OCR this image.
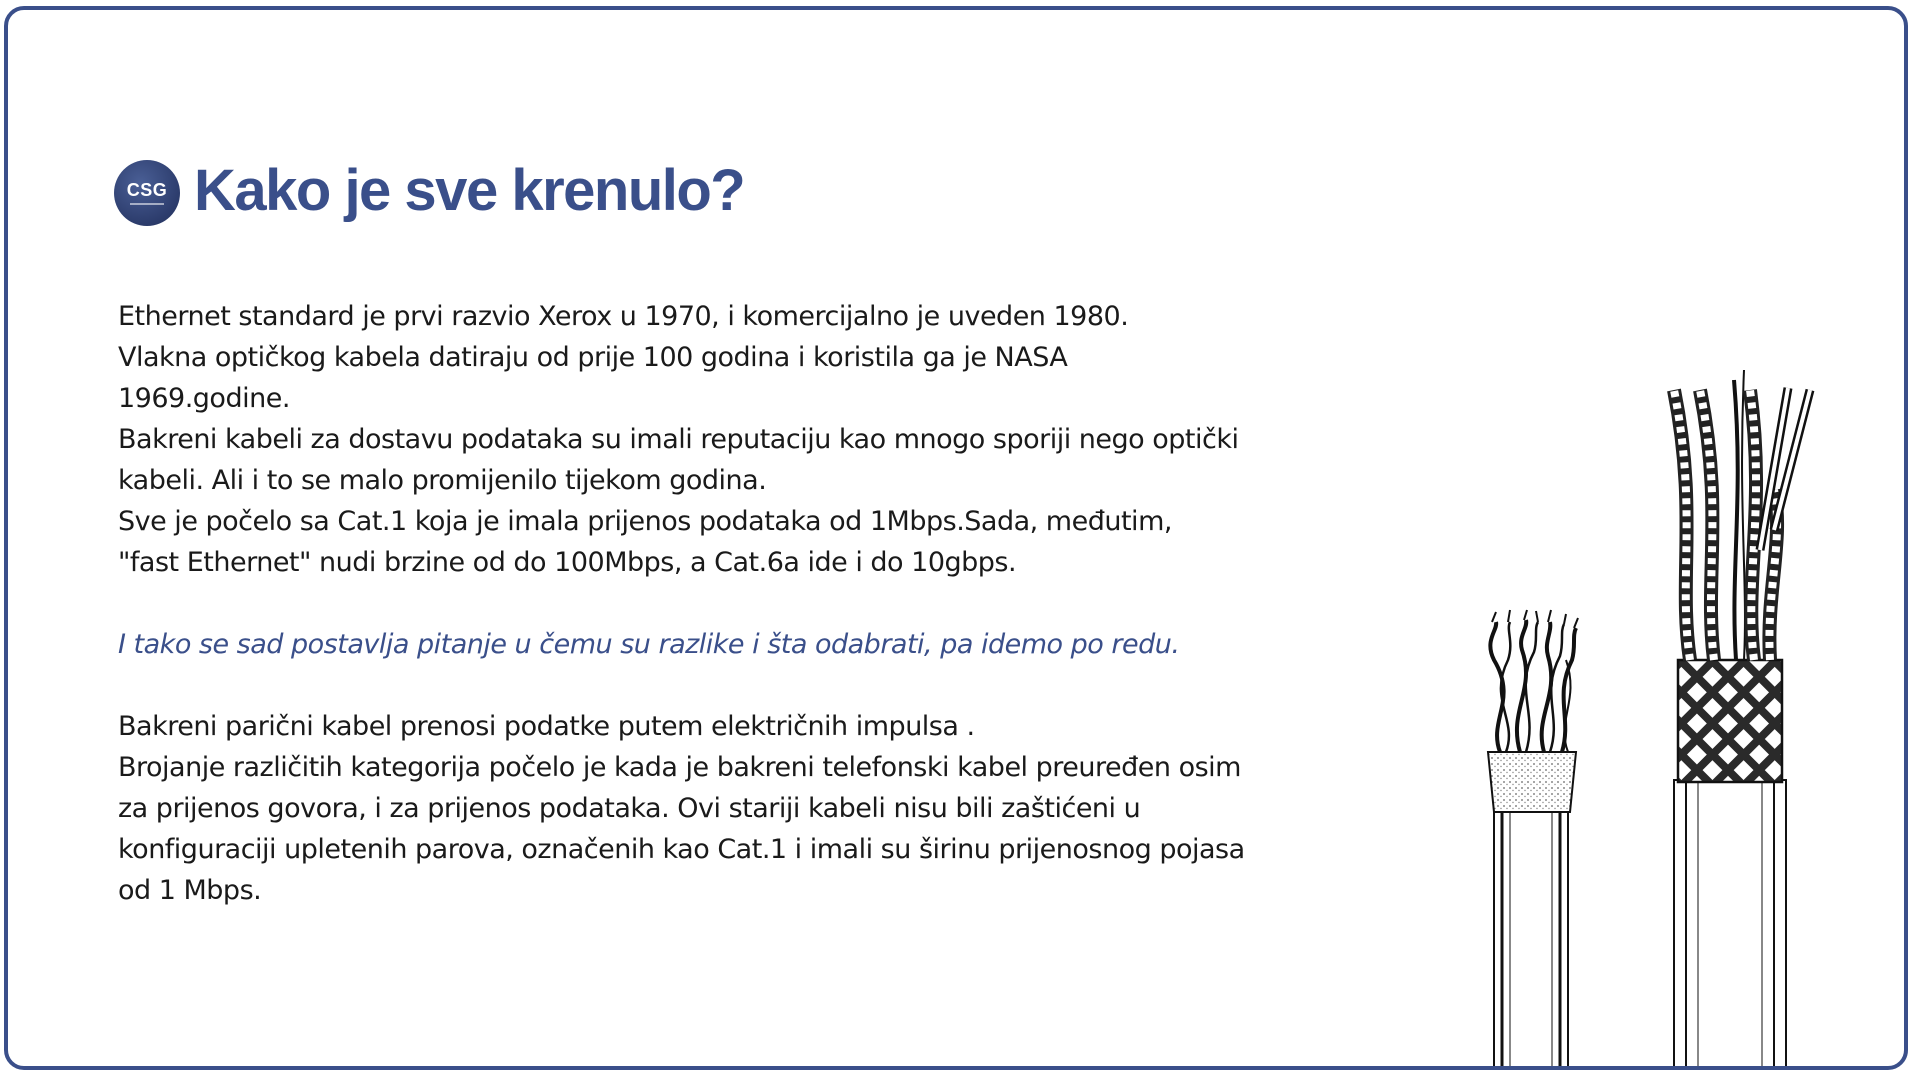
CSG Kako je sve krenulo?

Ethernet standard je prvi razvio Xerox u 1970, i komercijalno je uveden 1980.

Vlakna optičkog kabela datiraju od prije 100 godina i koristila ga je NASA

1969.godine.

Bakreni kabeli za dostavu podataka su imali reputaciju kao mnogo sporiji nego optički

kabeli. Ali i to se malo promijenilo tijekom godina.

Sve je počelo sa Cat.1 koja je imala prijenos podataka od 1Mbps.Sada, međutim,

"fast Ethernet" nudi brzine od do 100Mbps, a Cat.6a ide i do 10gbps.

I tako se sad postavlja pitanje u čemu su razlike i šta odabrati, pa idemo po redu.

Bakreni parični kabel prenosi podatke putem električnih impulsa .

Brojanje različitih kategorija počelo je kada je bakreni telefonski kabel preuređen osim

za prijenos govora, i za prijenos podataka. Ovi stariji kabeli nisu bili zaštićeni u

konfiguraciji upletenih parova, označenih kao Cat.1 i imali su širinu prijenosnog pojasa

od 1 Mbps.
